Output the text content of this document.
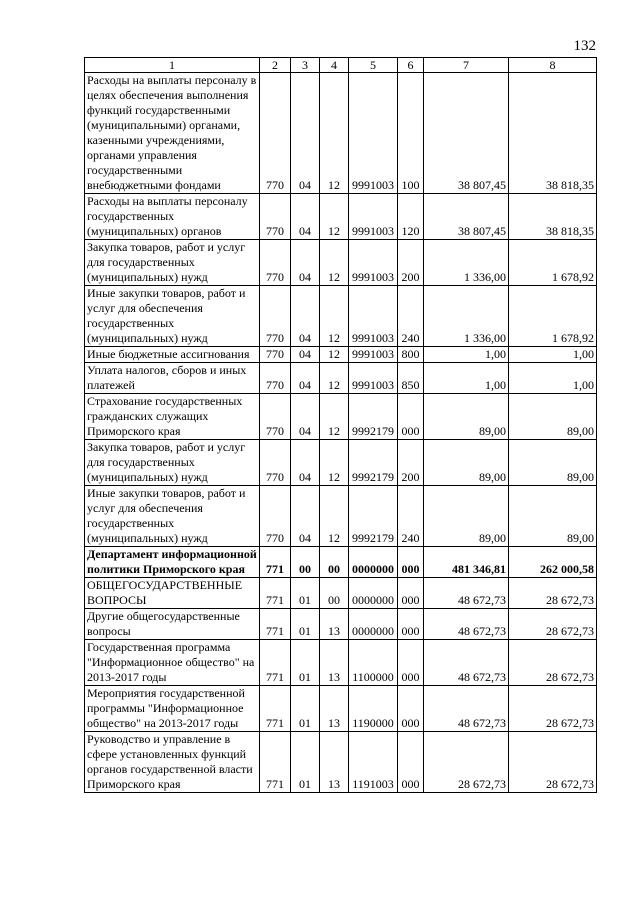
132
1	2	3	4	5	6	7	8
Расходы на выплаты персоналу в целях обеспечения выполнения функций государственными (муниципальными) органами, казенными учреждениями, органами управления государственными внебюджетными фондами	770	04	12	9991003	100	38 807,45	38 818,35
Расходы на выплаты персоналу государственных (муниципальных) органов	770	04	12	9991003	120	38 807,45	38 818,35
Закупка товаров, работ и услуг для государственных (муниципальных) нужд	770	04	12	9991003	200	1 336,00	1 678,92
Иные закупки товаров, работ и услуг для обеспечения государственных (муниципальных) нужд	770	04	12	9991003	240	1 336,00	1 678,92
Иные бюджетные ассигнования	770	04	12	9991003	800	1,00	1,00
Уплата налогов, сборов и иных платежей	770	04	12	9991003	850	1,00	1,00
Страхование государственных гражданских служащих Приморского края	770	04	12	9992179	000	89,00	89,00
Закупка товаров, работ и услуг для государственных (муниципальных) нужд	770	04	12	9992179	200	89,00	89,00
Иные закупки товаров, работ и услуг для обеспечения государственных (муниципальных) нужд	770	04	12	9992179	240	89,00	89,00
Департамент информационной политики Приморского края	771	00	00	0000000	000	481 346,81	262 000,58
ОБЩЕГОСУДАРСТВЕННЫЕ ВОПРОСЫ	771	01	00	0000000	000	48 672,73	28 672,73
Другие общегосударственные вопросы	771	01	13	0000000	000	48 672,73	28 672,73
Государственная программа "Информационное общество" на 2013-2017 годы	771	01	13	1100000	000	48 672,73	28 672,73
Мероприятия государственной программы "Информационное общество" на 2013-2017 годы	771	01	13	1190000	000	48 672,73	28 672,73
Руководство и управление в сфере установленных функций органов государственной власти Приморского края	771	01	13	1191003	000	28 672,73	28 672,73
